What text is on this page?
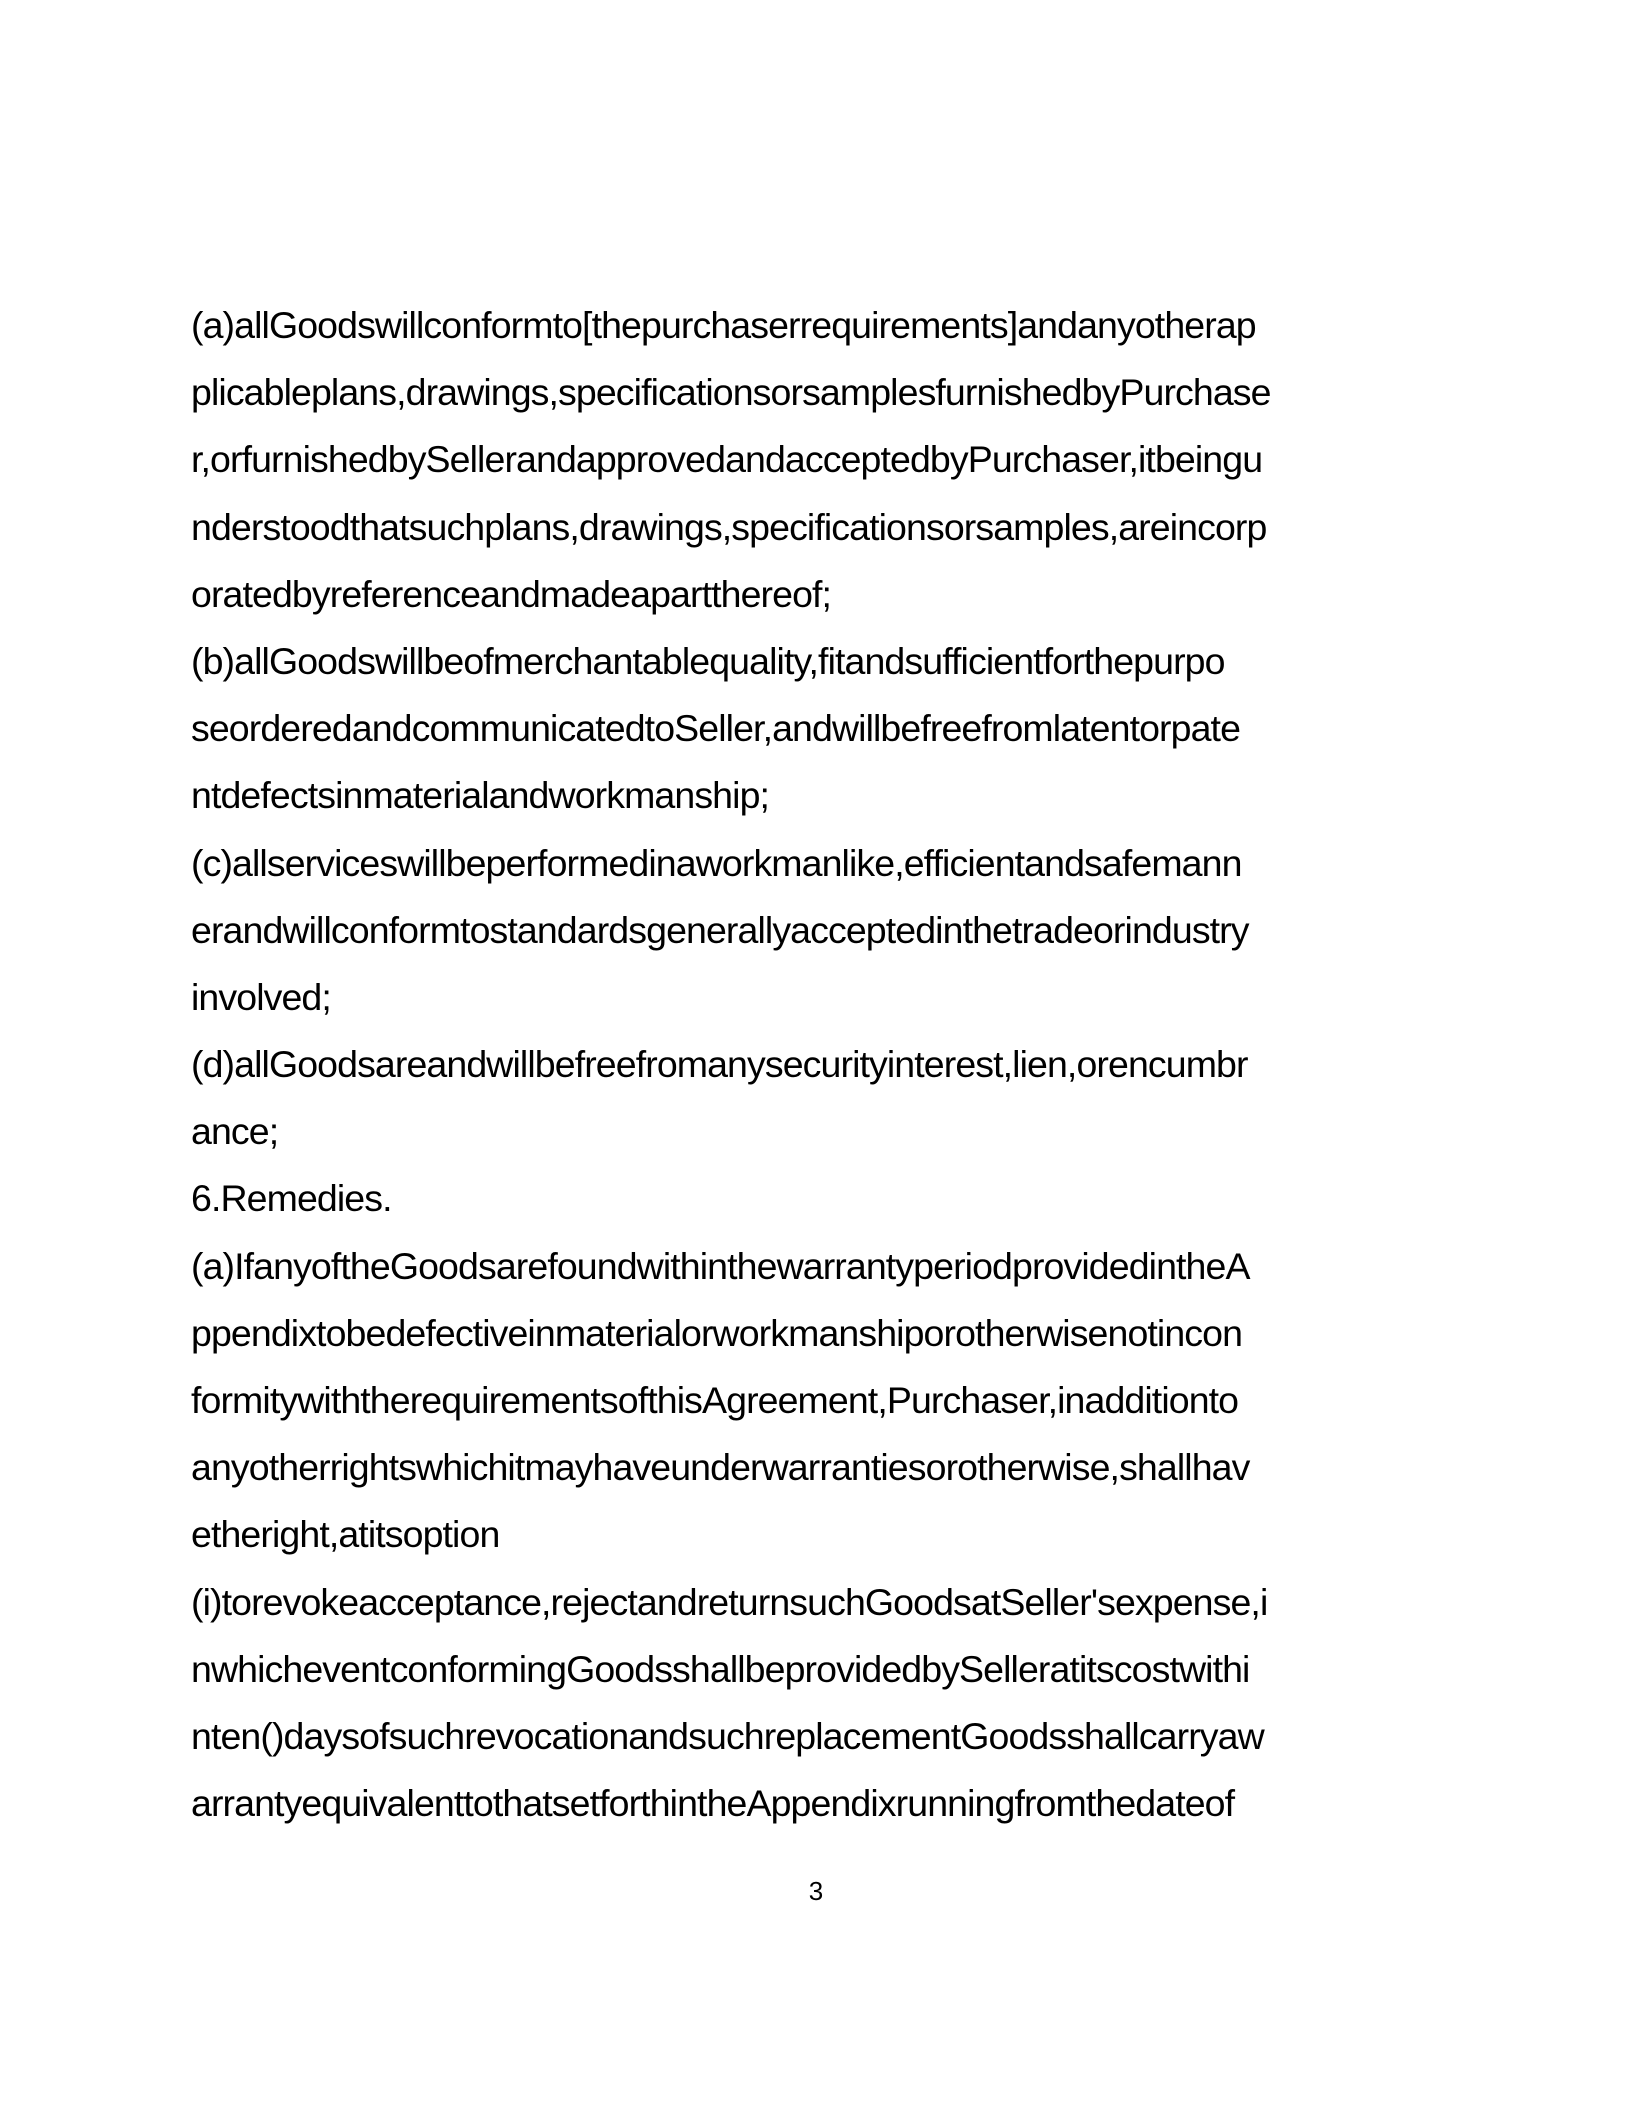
(a)allGoodswillconformto[thepurchaserrequirements]andanyotherap
plicableplans,drawings,specificationsorsamplesfurnishedbyPurchase
r,orfurnishedbySellerandapprovedandacceptedbyPurchaser,itbeingu
nderstoodthatsuchplans,drawings,specificationsorsamples,areincorp
oratedbyreferenceandmadeapartthereof;
(b)allGoodswillbeofmerchantablequality,fitandsufficientforthepurpo
seorderedandcommunicatedtoSeller,andwillbefreefromlatentorpate
ntdefectsinmaterialandworkmanship;
(c)allserviceswillbeperformedinaworkmanlike,efficientandsafemann
erandwillconformtostandardsgenerallyacceptedinthetradeorindustry
involved;
(d)allGoodsareandwillbefreefromanysecurityinterest,lien,orencumbr
ance;
6.Remedies.
(a)IfanyoftheGoodsarefoundwithinthewarrantyperiodprovidedintheA
ppendixtobedefectiveinmaterialorworkmanshiporotherwisenotincon
formitywiththerequirementsofthisAgreement,Purchaser,inadditionto
anyotherrightswhichitmayhaveunderwarrantiesorotherwise,shallhav
etheright,atitsoption
(i)torevokeacceptance,rejectandreturnsuchGoodsatSeller'sexpense,i
nwhicheventconformingGoodsshallbeprovidedbySelleratitscostwithi
nten()daysofsuchrevocationandsuchreplacementGoodsshallcarryaw
arrantyequivalenttothatsetforthintheAppendixrunningfromthedateof
3
